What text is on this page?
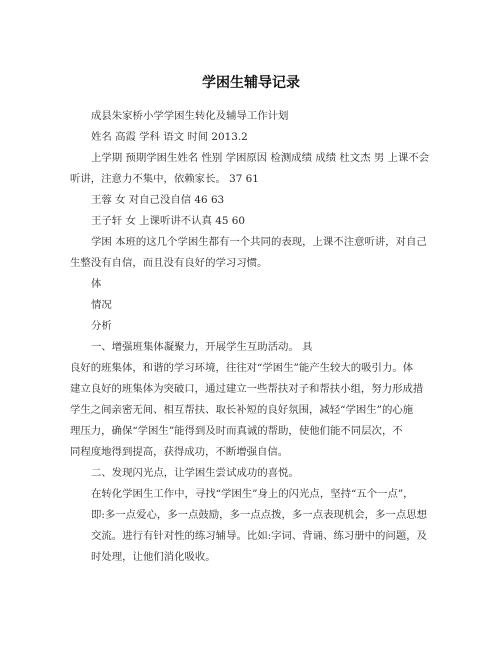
学困生辅导记录

成县朱家桥小学学困生转化及辅导工作计划

姓名 高霞 学科 语文 时间 2013.2

上学期 预期学困生姓名 性别 学困原因 检测成绩 成绩 杜文杰 男 上课不会听讲，注意力不集中，依赖家长。 37 61

王蓉 女 对自己没自信 46 63

王子轩 女 上课听讲不认真 45 60

学困 本班的这几个学困生都有一个共同的表现，上课不注意听讲，对自己生整没有自信，而且没有良好的学习习惯。

体

情况

分析

一、增强班集体凝聚力，开展学生互助活动。 具

良好的班集体，和谐的学习环境，往往对“学困生”能产生较大的吸引力。体

建立良好的班集体为突破口，通过建立一些帮扶对子和帮扶小组，努力形成措

学生之间亲密无间、相互帮扶、取长补短的良好氛围，减轻“学困生”的心施

理压力，确保“学困生”能得到及时而真诚的帮助，使他们能不同层次，不

同程度地得到提高，获得成功，不断增强自信。

二、发现闪光点，让学困生尝试成功的喜悦。

在转化学困生工作中，寻找“学困生”身上的闪光点，坚持“五个一点”，

即:多一点爱心，多一点鼓励，多一点点拨，多一点表现机会，多一点思想

交流。进行有针对性的练习辅导。比如:字词、背诵、练习册中的问题，及

时处理，让他们消化吸收。
